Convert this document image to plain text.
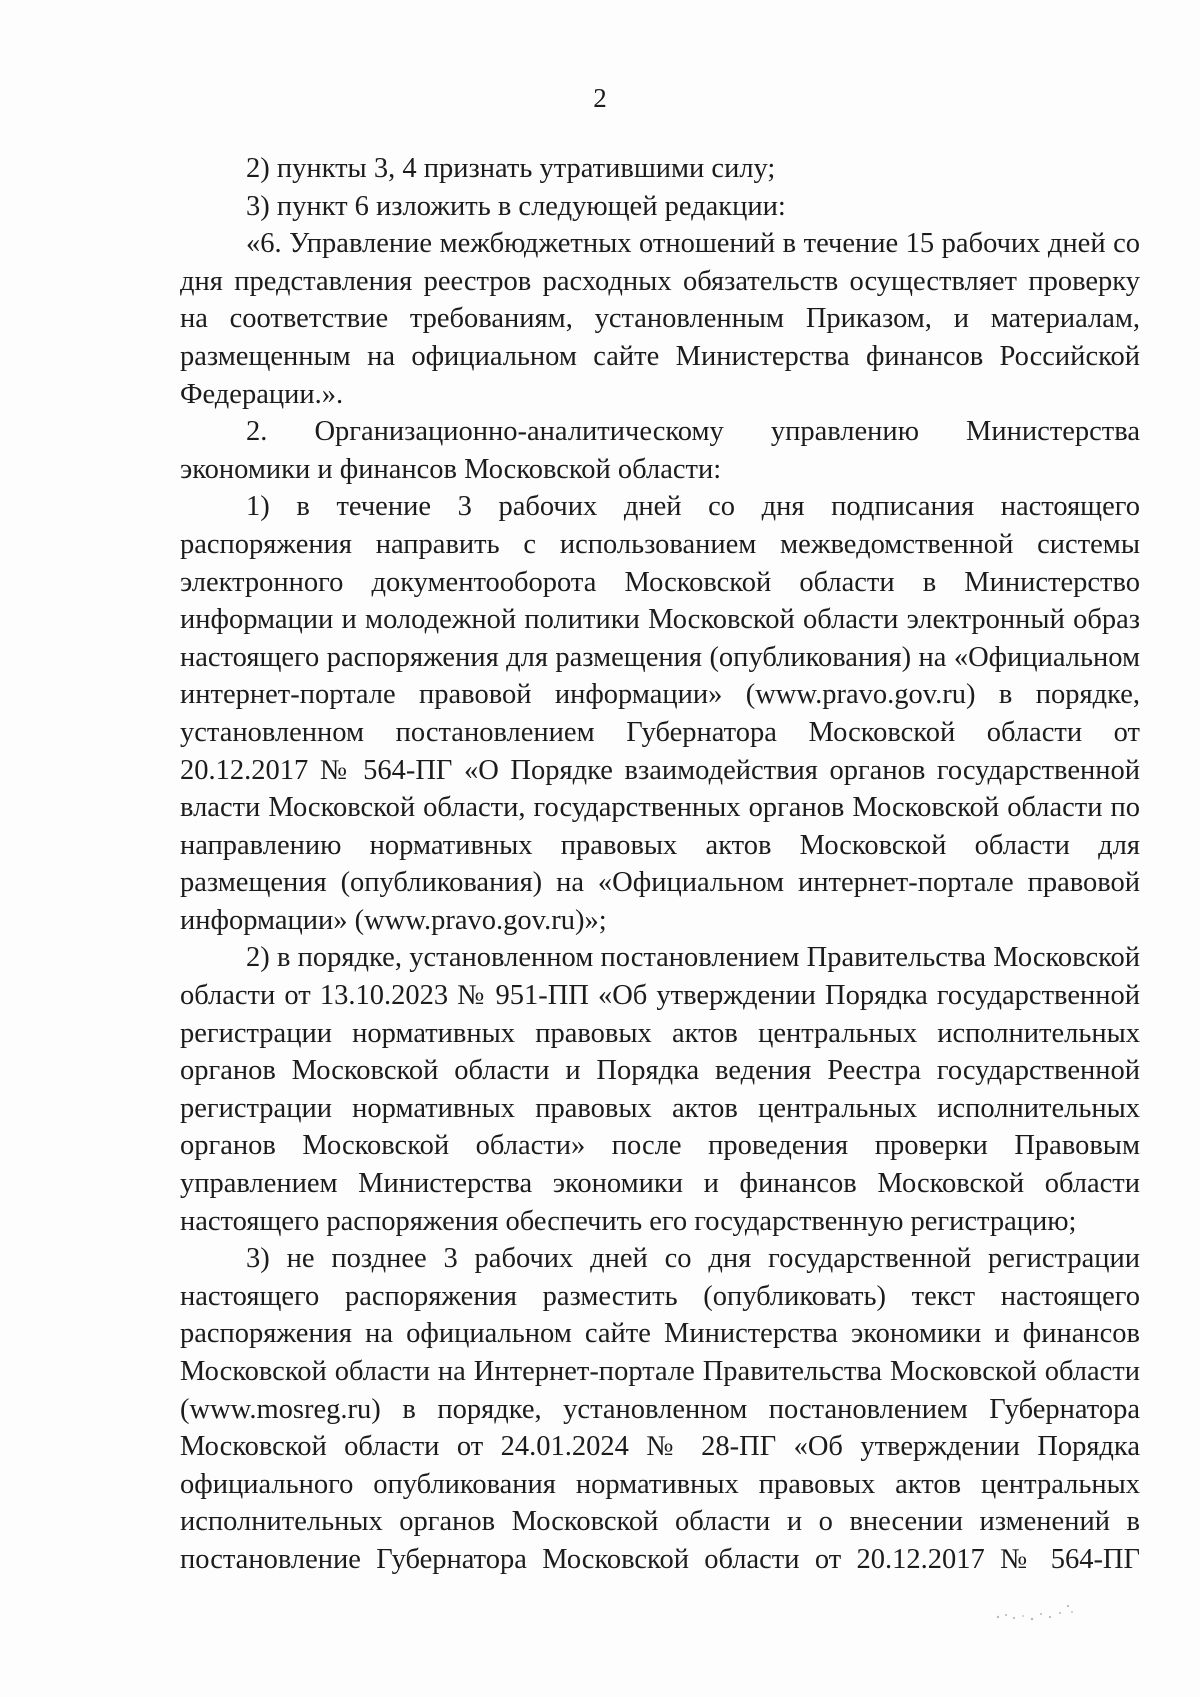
2

2) пункты 3, 4 признать утратившими силу;

3) пункт 6 изложить в следующей редакции:

«6. Управление межбюджетных отношений в течение 15 рабочих дней со дня представления реестров расходных обязательств осуществляет проверку на соответствие требованиям, установленным Приказом, и материалам, размещенным на официальном сайте Министерства финансов Российской Федерации.».

2. Организационно-аналитическому управлению Министерства экономики и финансов Московской области:

1) в течение 3 рабочих дней со дня подписания настоящего распоряжения направить с использованием межведомственной системы электронного документооборота Московской области в Министерство информации и молодежной политики Московской области электронный образ настоящего распоряжения для размещения (опубликования) на «Официальном интернет-портале правовой информации» (www.pravo.gov.ru) в порядке, установленном постановлением Губернатора Московской области от 20.12.2017 № 564-ПГ «О Порядке взаимодействия органов государственной власти Московской области, государственных органов Московской области по направлению нормативных правовых актов Московской области для размещения (опубликования) на «Официальном интернет-портале правовой информации» (www.pravo.gov.ru)»;

2) в порядке, установленном постановлением Правительства Московской области от 13.10.2023 № 951-ПП «Об утверждении Порядка государственной регистрации нормативных правовых актов центральных исполнительных органов Московской области и Порядка ведения Реестра государственной регистрации нормативных правовых актов центральных исполнительных органов Московской области» после проведения проверки Правовым управлением Министерства экономики и финансов Московской области настоящего распоряжения обеспечить его государственную регистрацию;

3) не позднее 3 рабочих дней со дня государственной регистрации настоящего распоряжения разместить (опубликовать) текст настоящего распоряжения на официальном сайте Министерства экономики и финансов Московской области на Интернет-портале Правительства Московской области (www.mosreg.ru) в порядке, установленном постановлением Губернатора Московской области от 24.01.2024 № 28-ПГ «Об утверждении Порядка официального опубликования нормативных правовых актов центральных исполнительных органов Московской области и о внесении изменений в постановление Губернатора Московской области от 20.12.2017 № 564-ПГ
